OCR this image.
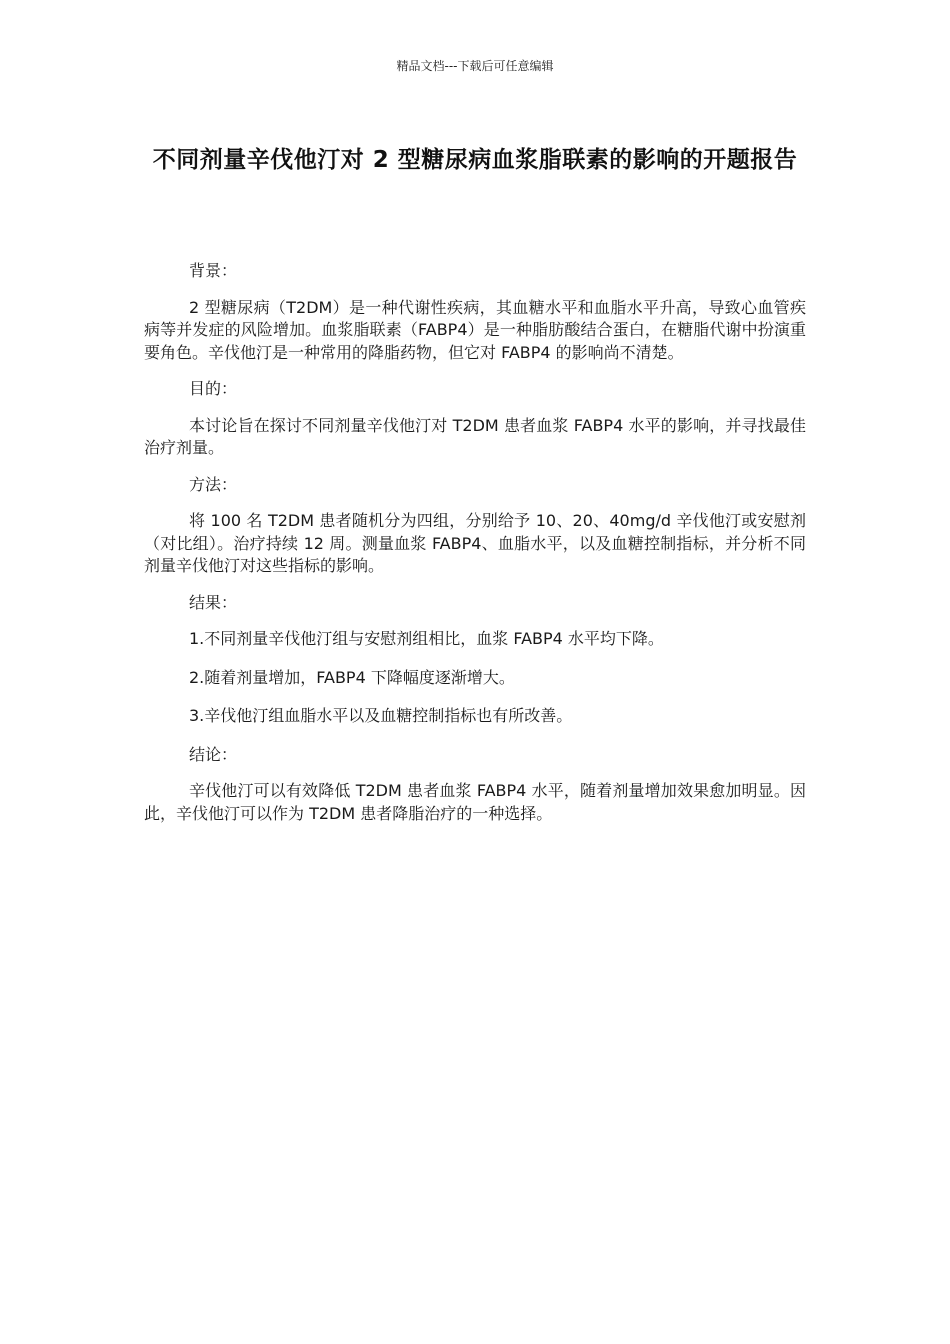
精品文档---下载后可任意编辑
不同剂量辛伐他汀对 2 型糖尿病血浆脂联素的影响的开题报告

背景：

2 型糖尿病（T2DM）是一种代谢性疾病，其血糖水平和血脂水平升高，导致心血管疾病等并发症的风险增加。血浆脂联素（FABP4）是一种脂肪酸结合蛋白，在糖脂代谢中扮演重要角色。辛伐他汀是一种常用的降脂药物，但它对 FABP4 的影响尚不清楚。

目的：

本讨论旨在探讨不同剂量辛伐他汀对 T2DM 患者血浆 FABP4 水平的影响，并寻找最佳治疗剂量。

方法：

将 100 名 T2DM 患者随机分为四组，分别给予 10、20、40mg/d 辛伐他汀或安慰剂（对比组）。治疗持续 12 周。测量血浆 FABP4、血脂水平，以及血糖控制指标，并分析不同剂量辛伐他汀对这些指标的影响。

结果：

1.不同剂量辛伐他汀组与安慰剂组相比，血浆 FABP4 水平均下降。

2.随着剂量增加，FABP4 下降幅度逐渐增大。

3.辛伐他汀组血脂水平以及血糖控制指标也有所改善。

结论：

辛伐他汀可以有效降低 T2DM 患者血浆 FABP4 水平，随着剂量增加效果愈加明显。因此，辛伐他汀可以作为 T2DM 患者降脂治疗的一种选择。
